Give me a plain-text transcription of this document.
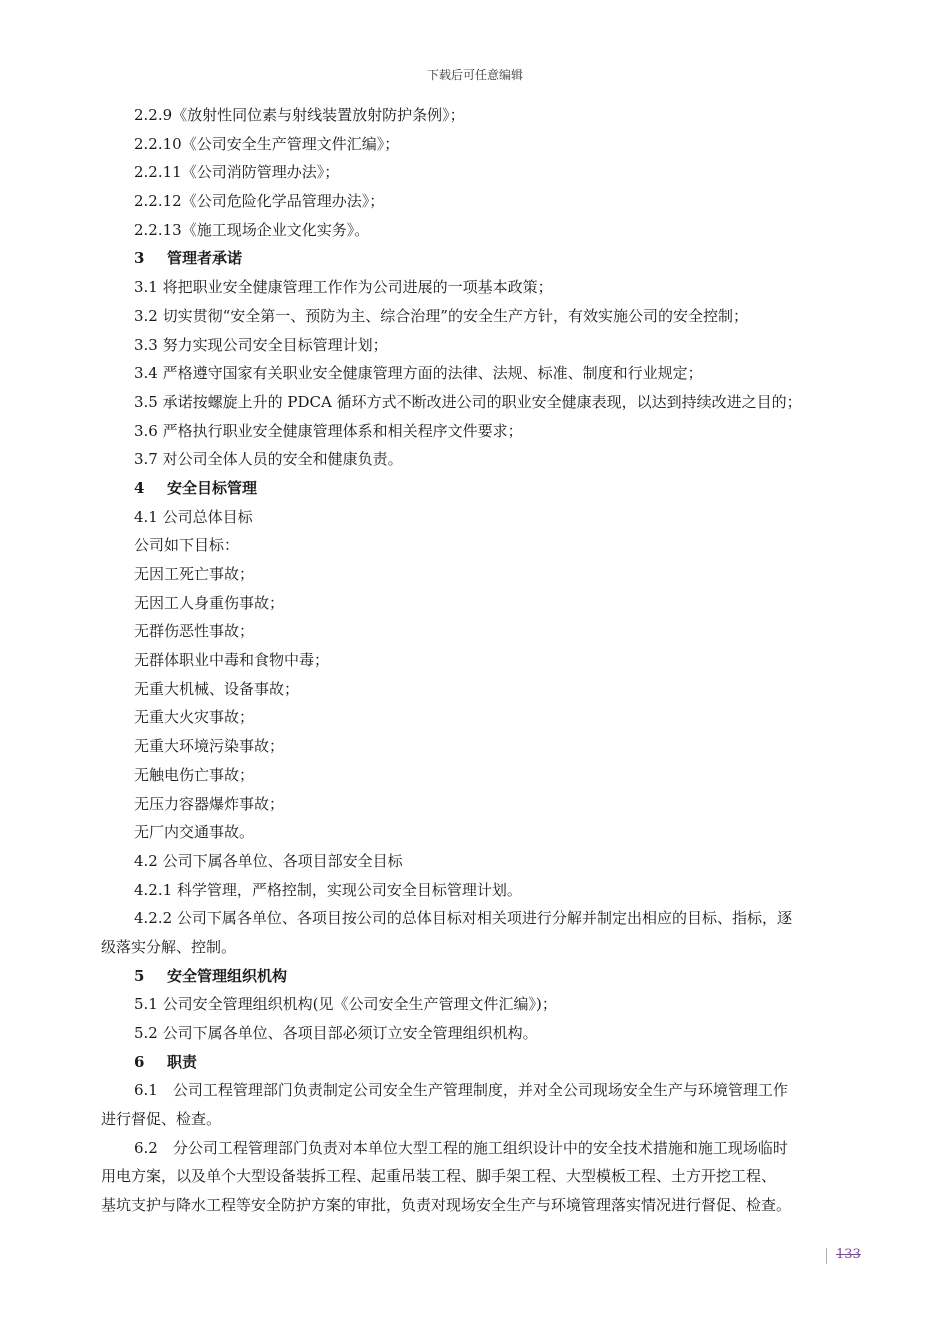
下载后可任意编辑
2.2.9《放射性同位素与射线装置放射防护条例》；
2.2.10《公司安全生产管理文件汇编》；
2.2.11《公司消防管理办法》；
2.2.12《公司危险化学品管理办法》；
2.2.13《施工现场企业文化实务》。
3 管理者承诺
3.1 将把职业安全健康管理工作作为公司进展的一项基本政策；
3.2 切实贯彻“安全第一、预防为主、综合治理”的安全生产方针，有效实施公司的安全控制；
3.3 努力实现公司安全目标管理计划；
3.4 严格遵守国家有关职业安全健康管理方面的法律、法规、标准、制度和行业规定；
3.5 承诺按螺旋上升的 PDCA 循环方式不断改进公司的职业安全健康表现，以达到持续改进之目的；
3.6 严格执行职业安全健康管理体系和相关程序文件要求；
3.7 对公司全体人员的安全和健康负责。
4 安全目标管理
4.1 公司总体目标
公司如下目标：
无因工死亡事故；
无因工人身重伤事故；
无群伤恶性事故；
无群体职业中毒和食物中毒；
无重大机械、设备事故；
无重大火灾事故；
无重大环境污染事故；
无触电伤亡事故；
无压力容器爆炸事故；
无厂内交通事故。
4.2 公司下属各单位、各项目部安全目标
4.2.1 科学管理，严格控制，实现公司安全目标管理计划。
4.2.2 公司下属各单位、各项目按公司的总体目标对相关项进行分解并制定出相应的目标、指标，逐
级落实分解、控制。
5 安全管理组织机构
5.1 公司安全管理组织机构(见《公司安全生产管理文件汇编》)；
5.2 公司下属各单位、各项目部必须订立安全管理组织机构。
6 职责
6.1　公司工程管理部门负责制定公司安全生产管理制度，并对全公司现场安全生产与环境管理工作
进行督促、检查。
6.2　分公司工程管理部门负责对本单位大型工程的施工组织设计中的安全技术措施和施工现场临时
用电方案，以及单个大型设备装拆工程、起重吊装工程、脚手架工程、大型模板工程、土方开挖工程、
基坑支护与降水工程等安全防护方案的审批，负责对现场安全生产与环境管理落实情况进行督促、检查。
133
